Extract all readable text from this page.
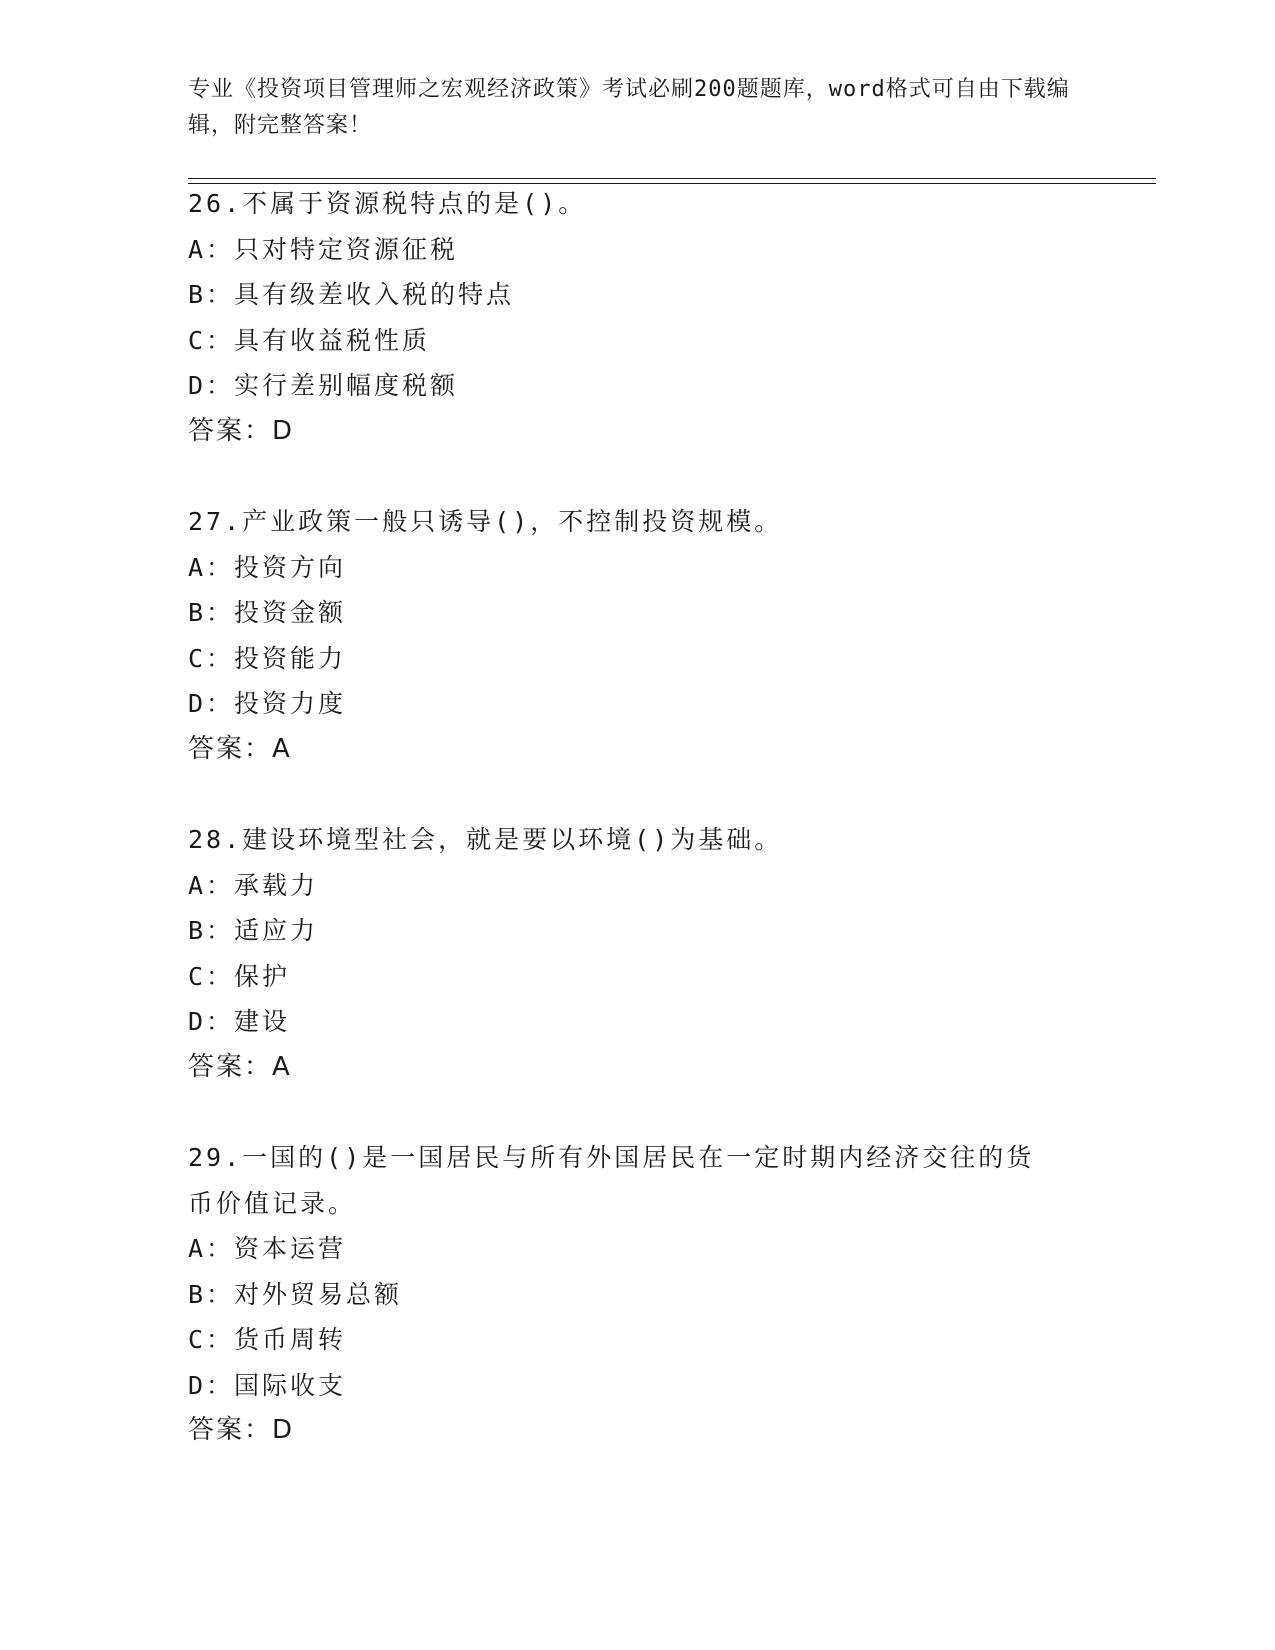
专业《投资项目管理师之宏观经济政策》考试必刷200题题库，word格式可自由下载编辑，附完整答案！
26.不属于资源税特点的是()。
A：只对特定资源征税
B：具有级差收入税的特点
C：具有收益税性质
D：实行差别幅度税额
答案：D
27.产业政策一般只诱导()，不控制投资规模。
A：投资方向
B：投资金额
C：投资能力
D：投资力度
答案：A
28.建设环境型社会，就是要以环境()为基础。
A：承载力
B：适应力
C：保护
D：建设
答案：A
29.一国的()是一国居民与所有外国居民在一定时期内经济交往的货币价值记录。
A：资本运营
B：对外贸易总额
C：货币周转
D：国际收支
答案：D
